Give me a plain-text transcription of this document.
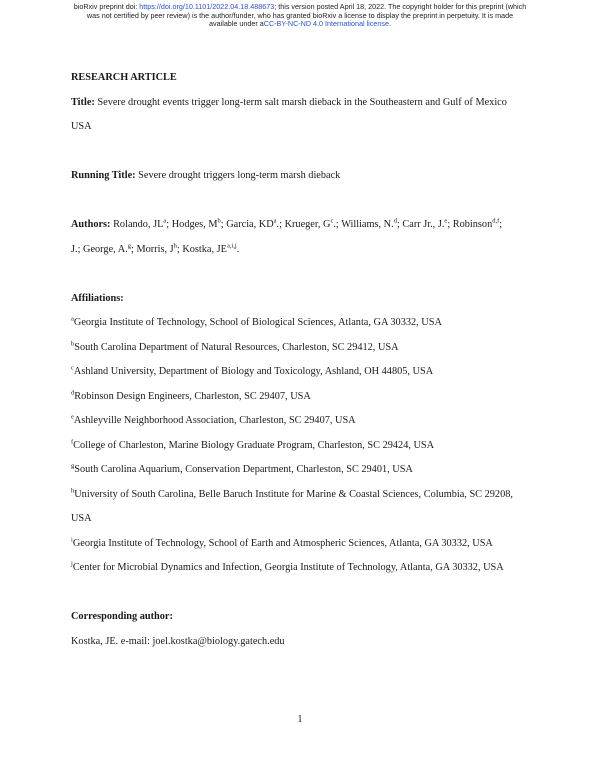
bioRxiv preprint doi: https://doi.org/10.1101/2022.04.18.488673; this version posted April 18, 2022. The copyright holder for this preprint (which
was not certified by peer review) is the author/funder, who has granted bioRxiv a license to display the preprint in perpetuity. It is made
available under aCC-BY-NC-ND 4.0 International license.

RESEARCH ARTICLE

Title: Severe drought events trigger long-term salt marsh dieback in the Southeastern and Gulf of Mexico

USA

Running Title: Severe drought triggers long-term marsh dieback

Authors: Rolando, $JL^a$; Hodges, $M^b$; Garcia, $KD^a$.; Krueger, $G^c$.; Williams, N.$^d$; Carr Jr., J.$^e$; Robinson$^{d,f}$;

J.; George, A.$^g$; Morris, $J^h$; Kostka, JE$^{a,i,j}$.

Affiliations:

$^a$Georgia Institute of Technology, School of Biological Sciences, Atlanta, GA 30332, USA

$^b$South Carolina Department of Natural Resources, Charleston, SC 29412, USA

$^c$Ashland University, Department of Biology and Toxicology, Ashland, OH 44805, USA

$^d$Robinson Design Engineers, Charleston, SC 29407, USA

$^e$Ashleyville Neighborhood Association, Charleston, SC 29407, USA

$^f$College of Charleston, Marine Biology Graduate Program, Charleston, SC 29424, USA

$^g$South Carolina Aquarium, Conservation Department, Charleston, SC 29401, USA

$^h$University of South Carolina, Belle Baruch Institute for Marine & Coastal Sciences, Columbia, SC 29208,

USA

$^i$Georgia Institute of Technology, School of Earth and Atmospheric Sciences, Atlanta, GA 30332, USA

$^j$Center for Microbial Dynamics and Infection, Georgia Institute of Technology, Atlanta, GA 30332, USA

Corresponding author:

Kostka, JE. e-mail: joel.kostka@biology.gatech.edu

1
